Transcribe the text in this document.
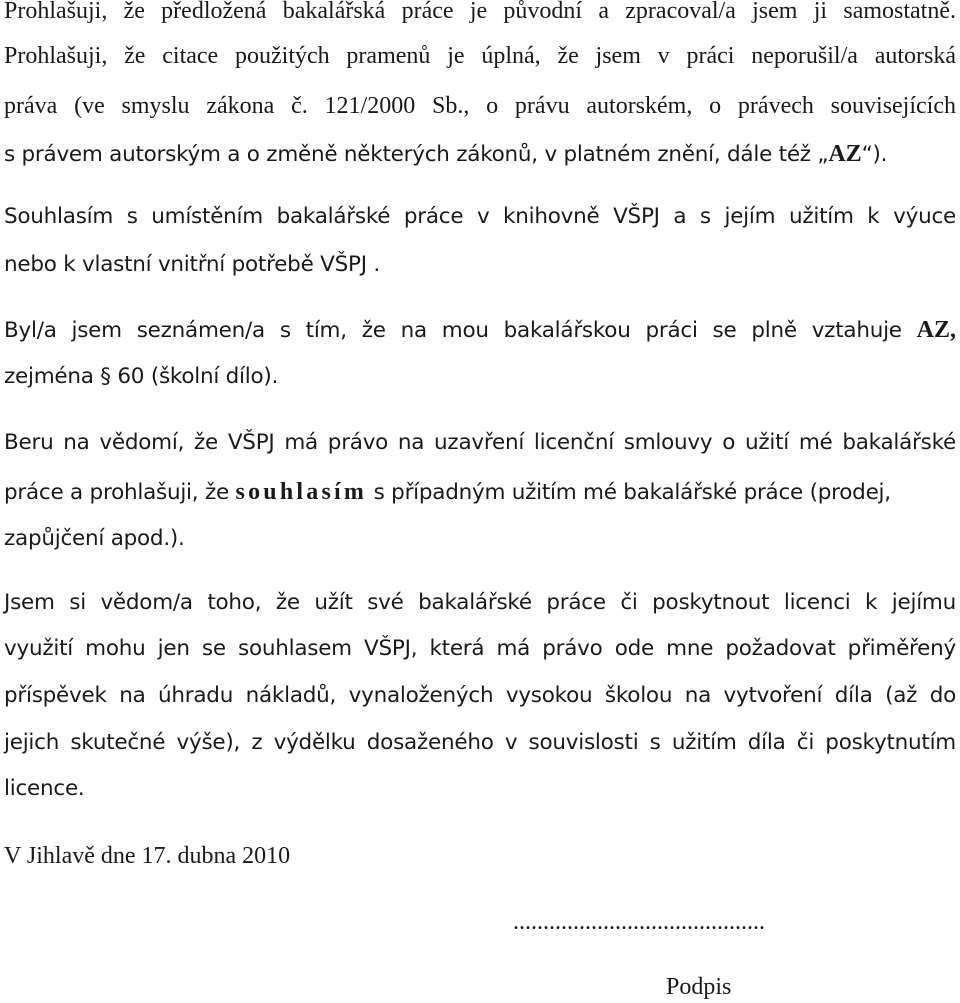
Prohlašuji, že předložená bakalářská práce je původní a zpracoval/a jsem ji samostatně.
Prohlašuji, že citace použitých pramenů je úplná, že jsem v práci neporušil/a autorská
práva (ve smyslu zákona č. 121/2000 Sb., o právu autorském, o právech souvisejících
s právem autorským a o změně některých zákonů, v platném znění, dále též „AZ“).
Souhlasím s umístěním bakalářské práce v knihovně VŠPJ a s jejím užitím k výuce
nebo k vlastní vnitřní potřebě VŠPJ .
Byl/a jsem seznámen/a s tím, že na mou bakalářskou práci se plně vztahuje AZ,
zejména § 60 (školní dílo).
Beru na vědomí, že VŠPJ má právo na uzavření licenční smlouvy o užití mé bakalářské
práce a prohlašuji, že souhlasím s případným užitím mé bakalářské práce (prodej,
zapůjčení apod.).
Jsem si vědom/a toho, že užít své bakalářské práce či poskytnout licenci k jejímu
využití mohu jen se souhlasem VŠPJ, která má právo ode mne požadovat přiměřený
příspěvek na úhradu nákladů, vynaložených vysokou školou na vytvoření díla (až do
jejich skutečné výše), z výdělku dosaženého v souvislosti s užitím díla či poskytnutím
licence.
V Jihlavě dne 17. dubna 2010
..........................................
Podpis
